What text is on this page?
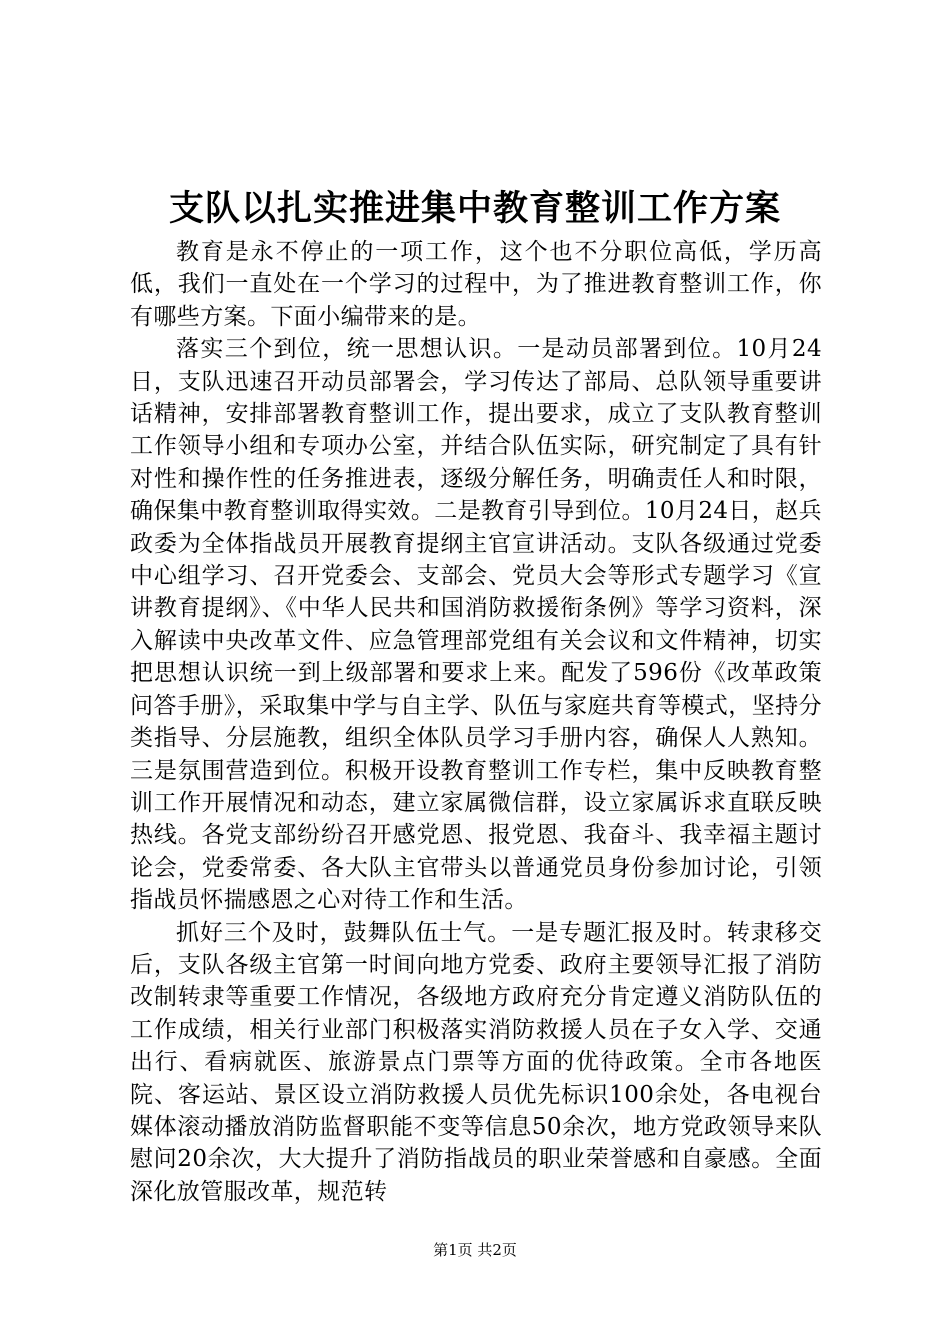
支队以扎实推进集中教育整训工作方案

教育是永不停止的一项工作，这个也不分职位高低，学历高低，我们一直处在一个学习的过程中，为了推进教育整训工作，你有哪些方案。下面小编带来的是。

落实三个到位，统一思想认识。一是动员部署到位。10月24日，支队迅速召开动员部署会，学习传达了部局、总队领导重要讲话精神，安排部署教育整训工作，提出要求，成立了支队教育整训工作领导小组和专项办公室，并结合队伍实际，研究制定了具有针对性和操作性的任务推进表，逐级分解任务，明确责任人和时限，确保集中教育整训取得实效。二是教育引导到位。10月24日，赵兵政委为全体指战员开展教育提纲主官宣讲活动。支队各级通过党委中心组学习、召开党委会、支部会、党员大会等形式专题学习《宣讲教育提纲》、《中华人民共和国消防救援衔条例》等学习资料，深入解读中央改革文件、应急管理部党组有关会议和文件精神，切实把思想认识统一到上级部署和要求上来。配发了596份《改革政策问答手册》，采取集中学与自主学、队伍与家庭共育等模式，坚持分类指导、分层施教，组织全体队员学习手册内容，确保人人熟知。三是氛围营造到位。积极开设教育整训工作专栏，集中反映教育整训工作开展情况和动态，建立家属微信群，设立家属诉求直联反映热线。各党支部纷纷召开感党恩、报党恩、我奋斗、我幸福主题讨论会，党委常委、各大队主官带头以普通党员身份参加讨论，引领指战员怀揣感恩之心对待工作和生活。

抓好三个及时，鼓舞队伍士气。一是专题汇报及时。转隶移交后，支队各级主官第一时间向地方党委、政府主要领导汇报了消防改制转隶等重要工作情况，各级地方政府充分肯定遵义消防队伍的工作成绩，相关行业部门积极落实消防救援人员在子女入学、交通出行、看病就医、旅游景点门票等方面的优待政策。全市各地医院、客运站、景区设立消防救援人员优先标识100余处，各电视台媒体滚动播放消防监督职能不变等信息50余次，地方党政领导来队慰问20余次，大大提升了消防指战员的职业荣誉感和自豪感。全面深化放管服改革，规范转

第1页 共2页
